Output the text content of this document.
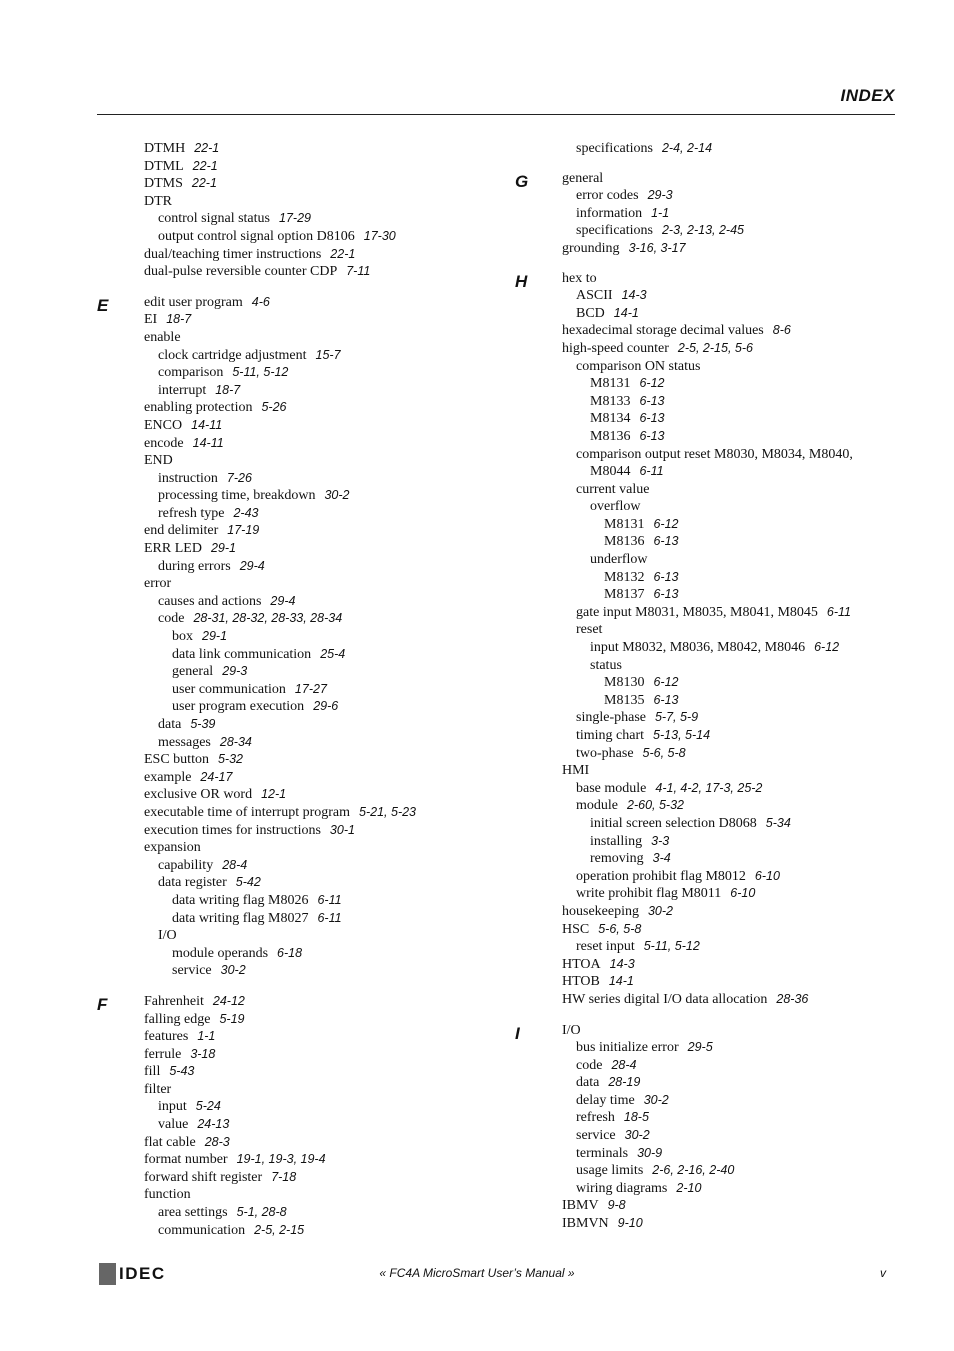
INDEX
DTMH 22-1
DTML 22-1
DTMS 22-1
DTR
control signal status 17-29
output control signal option D8106 17-30
dual/teaching timer instructions 22-1
dual-pulse reversible counter CDP 7-11
E	edit user program 4-6
EI 18-7
enable
clock cartridge adjustment 15-7
comparison 5-11, 5-12
interrupt 18-7
enabling protection 5-26
ENCO 14-11
encode 14-11
END
instruction 7-26
processing time, breakdown 30-2
refresh type 2-43
end delimiter 17-19
ERR LED 29-1
during errors 29-4
error
causes and actions 29-4
code 28-31, 28-32, 28-33, 28-34
box 29-1
data link communication 25-4
general 29-3
user communication 17-27
user program execution 29-6
data 5-39
messages 28-34
ESC button 5-32
example 24-17
exclusive OR word 12-1
executable time of interrupt program 5-21, 5-23
execution times for instructions 30-1
expansion
capability 28-4
data register 5-42
data writing flag M8026 6-11
data writing flag M8027 6-11
I/O
module operands 6-18
service 30-2
F	Fahrenheit 24-12
falling edge 5-19
features 1-1
ferrule 3-18
fill 5-43
filter
input 5-24
value 24-13
flat cable 28-3
format number 19-1, 19-3, 19-4
forward shift register 7-18
function
area settings 5-1, 28-8
communication 2-5, 2-15
specifications 2-4, 2-14
G	general
error codes 29-3
information 1-1
specifications 2-3, 2-13, 2-45
grounding 3-16, 3-17
H	hex to
ASCII 14-3
BCD 14-1
hexadecimal storage decimal values 8-6
high-speed counter 2-5, 2-15, 5-6
comparison ON status
M8131 6-12
M8133 6-13
M8134 6-13
M8136 6-13
comparison output reset M8030, M8034, M8040,
M8044 6-11
current value
overflow
M8131 6-12
M8136 6-13
underflow
M8132 6-13
M8137 6-13
gate input M8031, M8035, M8041, M8045 6-11
reset
input M8032, M8036, M8042, M8046 6-12
status
M8130 6-12
M8135 6-13
single-phase 5-7, 5-9
timing chart 5-13, 5-14
two-phase 5-6, 5-8
HMI
base module 4-1, 4-2, 17-3, 25-2
module 2-60, 5-32
initial screen selection D8068 5-34
installing 3-3
removing 3-4
operation prohibit flag M8012 6-10
write prohibit flag M8011 6-10
housekeeping 30-2
HSC 5-6, 5-8
reset input 5-11, 5-12
HTOA 14-3
HTOB 14-1
HW series digital I/O data allocation 28-36
I	I/O
bus initialize error 29-5
code 28-4
data 28-19
delay time 30-2
refresh 18-5
service 30-2
terminals 30-9
usage limits 2-6, 2-16, 2-40
wiring diagrams 2-10
IBMV 9-8
IBMVN 9-10
IDEC	« FC4A MicroSmart User’s Manual »	v
